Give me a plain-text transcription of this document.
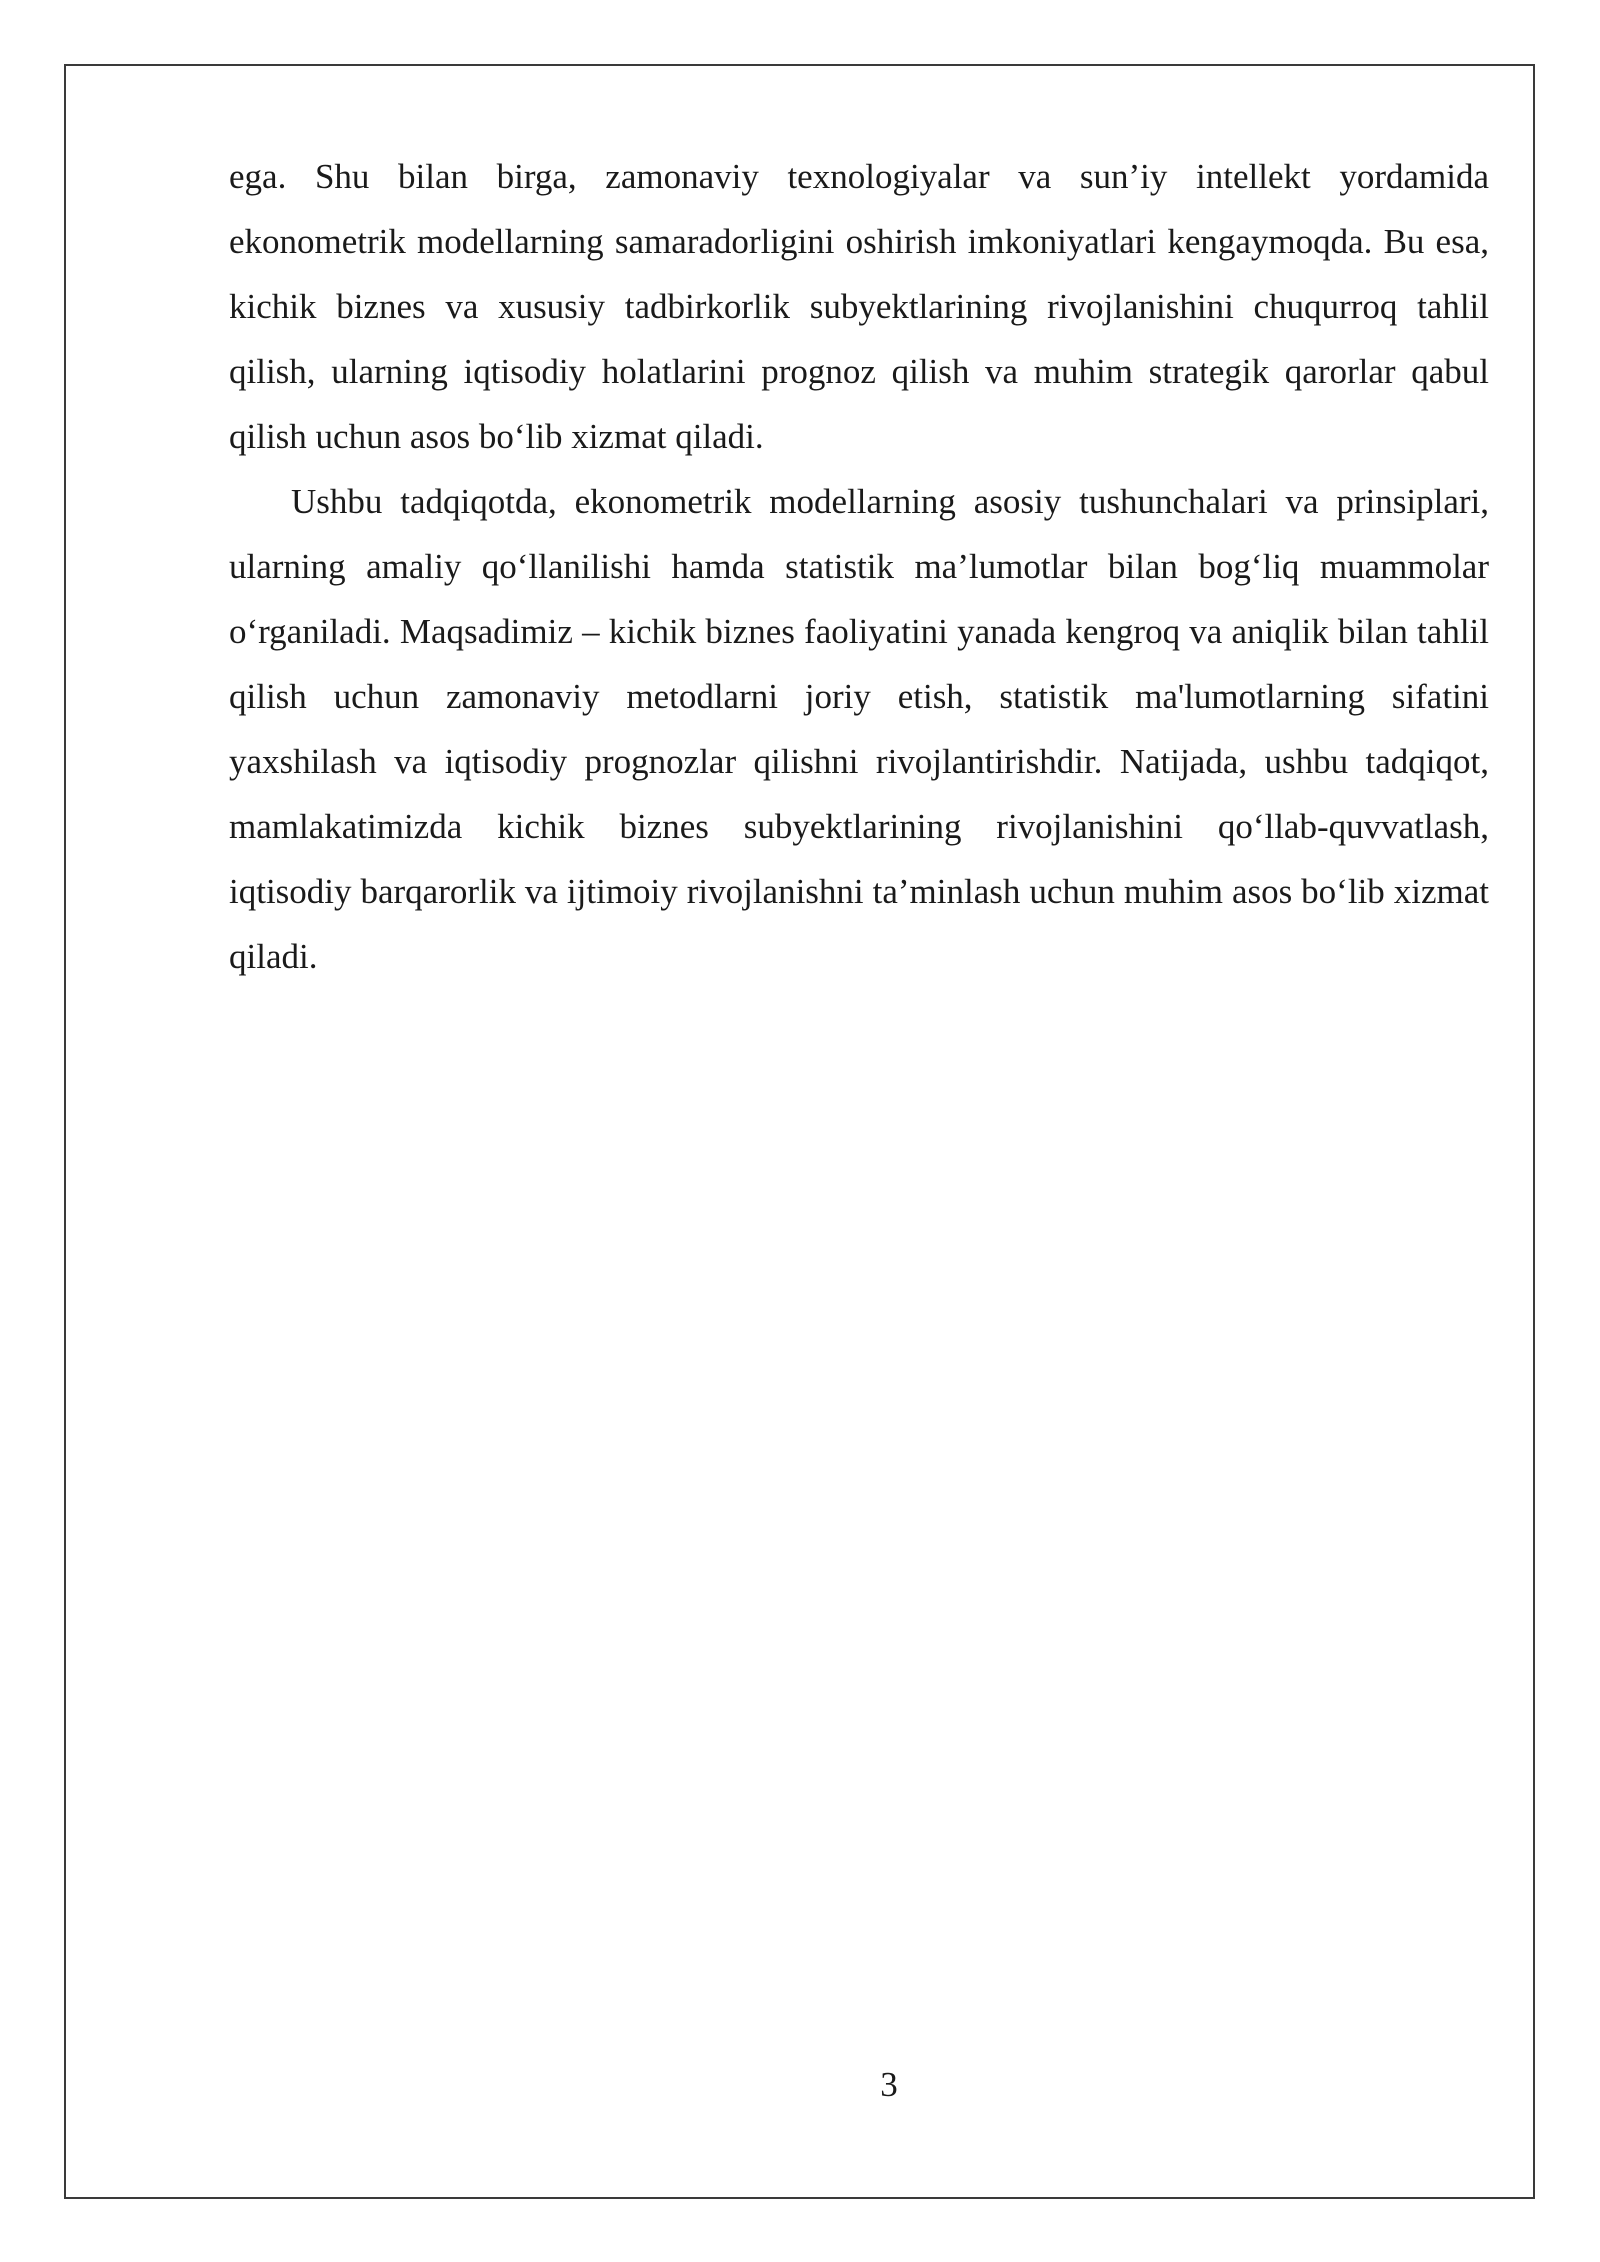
ega. Shu bilan birga, zamonaviy texnologiyalar va sun’iy intellekt yordamida ekonometrik modellarning samaradorligini oshirish imkoniyatlari kengaymoqda. Bu esa, kichik biznes va xususiy tadbirkorlik subyektlarining rivojlanishini chuqurroq tahlil qilish, ularning iqtisodiy holatlarini prognoz qilish va muhim strategik qarorlar qabul qilish uchun asos bo‘lib xizmat qiladi.

Ushbu tadqiqotda, ekonometrik modellarning asosiy tushunchalari va prinsiplari, ularning amaliy qo‘llanilishi hamda statistik ma’lumotlar bilan bog‘liq muammolar o‘rganiladi. Maqsadimiz – kichik biznes faoliyatini yanada kengroq va aniqlik bilan tahlil qilish uchun zamonaviy metodlarni joriy etish, statistik ma'lumotlarning sifatini yaxshilash va iqtisodiy prognozlar qilishni rivojlantirishdir. Natijada, ushbu tadqiqot, mamlakatimizda kichik biznes subyektlarining rivojlanishini qo‘llab-quvvatlash, iqtisodiy barqarorlik va ijtimoiy rivojlanishni ta’minlash uchun muhim asos bo‘lib xizmat qiladi.

3
